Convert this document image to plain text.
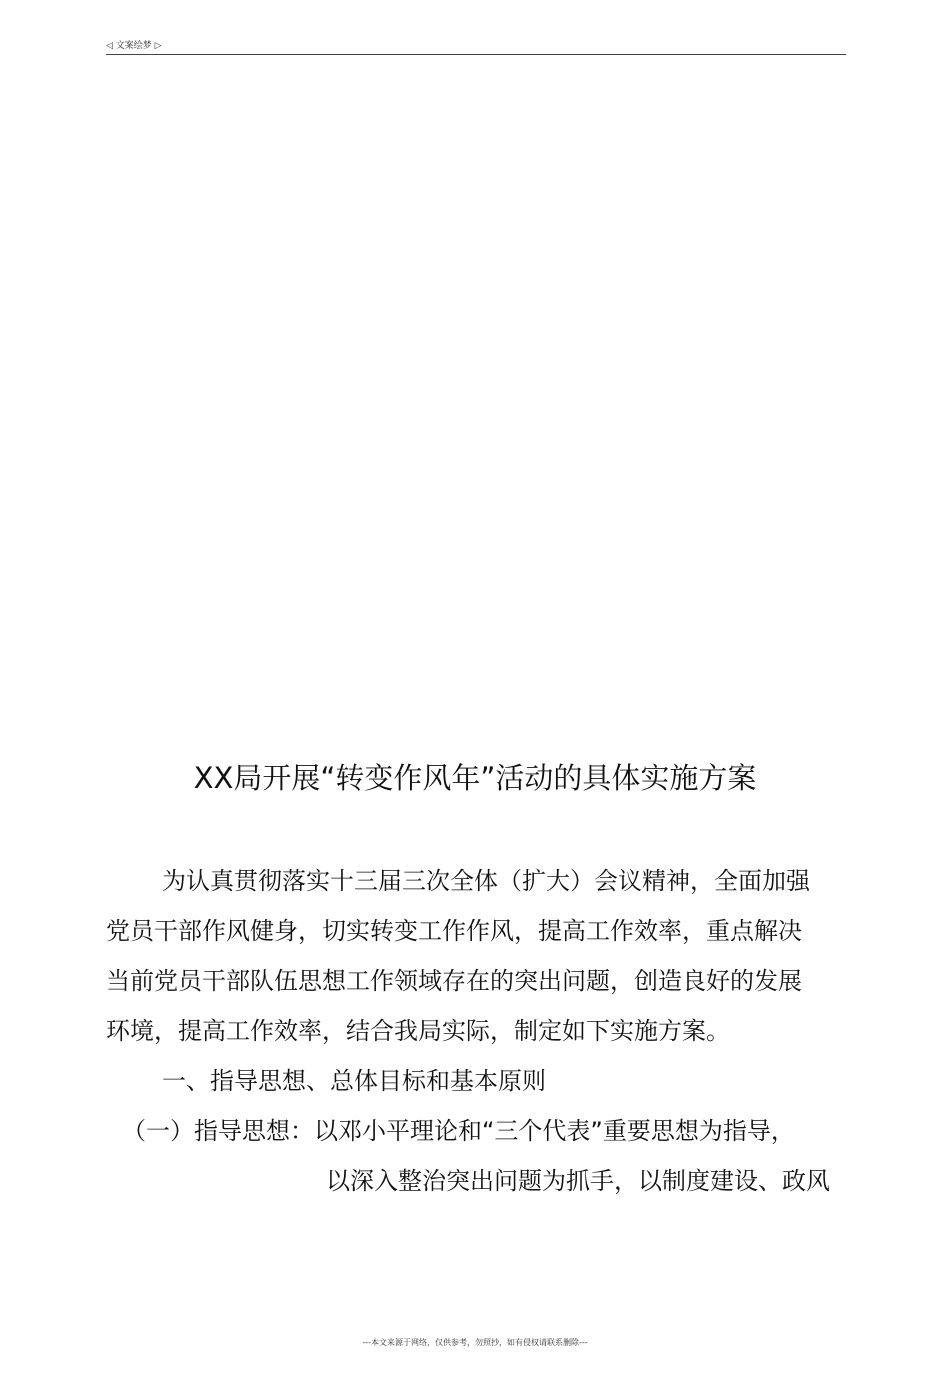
◁ 文案绘梦 ▷
XX局开展“转变作风年”活动的具体实施方案
为认真贯彻落实十三届三次全体（扩大）会议精神，全面加强
党员干部作风健身，切实转变工作作风，提高工作效率，重点解决
当前党员干部队伍思想工作领域存在的突出问题，创造良好的发展
环境，提高工作效率，结合我局实际，制定如下实施方案。
一、指导思想、总体目标和基本原则
（一）指导思想：以邓小平理论和“三个代表”重要思想为指导，
以深入整治突出问题为抓手，以制度建设、政风
---本文来源于网络，仅供参考，勿照抄，如有侵权请联系删除---
